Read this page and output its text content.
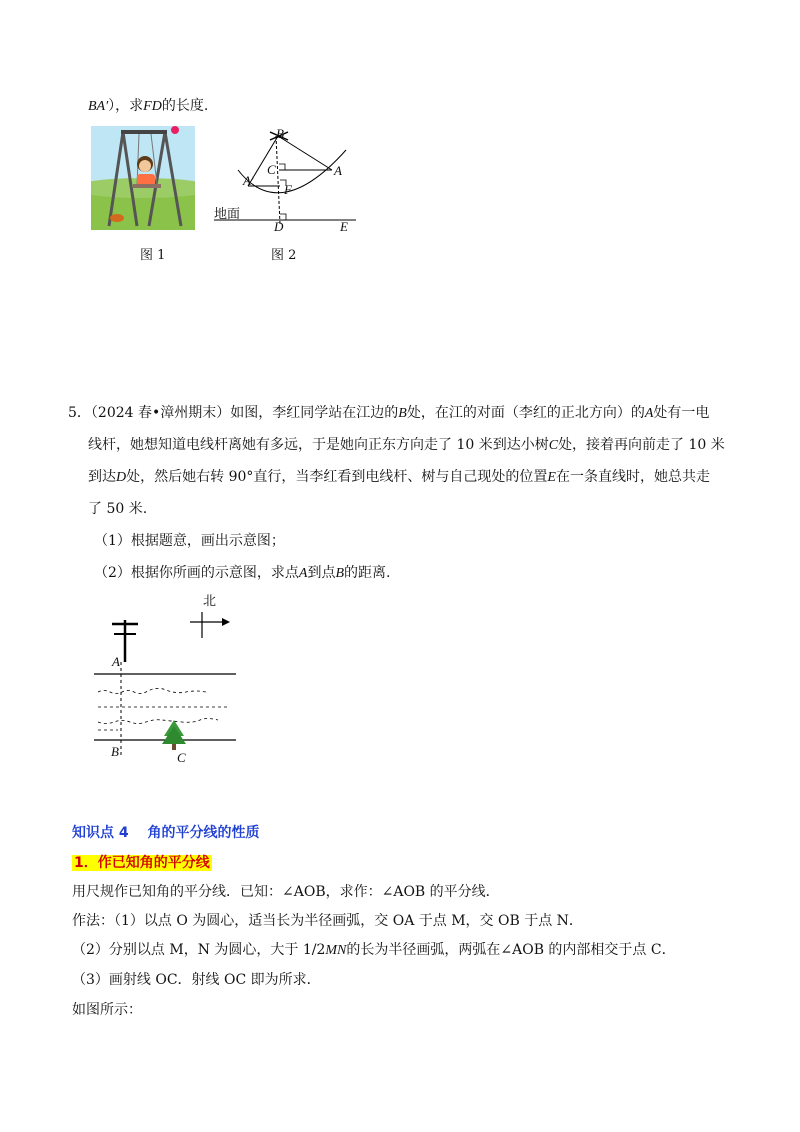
BA′），求FD的长度.
图 1
B
A
A′
C
F
D	E
地面
图 2
5．（2024 春•漳州期末）如图，李红同学站在江边的B处，在江的对面（李红的正北方向）的A处有一电
线杆，她想知道电线杆离她有多远，于是她向正东方向走了 10 米到达小树C处，接着再向前走了 10 米
到达D处，然后她右转 90°直行，当李红看到电线杆、树与自己现处的位置E在一条直线时，她总共走
了 50 米.
（1）根据题意，画出示意图；
（2）根据你所画的示意图，求点A到点B的距离.
北
A
B	C
知识点 4　 角的平分线的性质
1．作已知角的平分线
用尺规作已知角的平分线．已知：∠AOB，求作：∠AOB 的平分线．
作法：（1）以点 O 为圆心，适当长为半径画弧，交 OA 于点 M，交 OB 于点 N．
（2）分别以点 M，N 为圆心，大于 1/2MN的长为半径画弧，两弧在∠AOB 的内部相交于点 C．
（3）画射线 OC．射线 OC 即为所求．
如图所示：
